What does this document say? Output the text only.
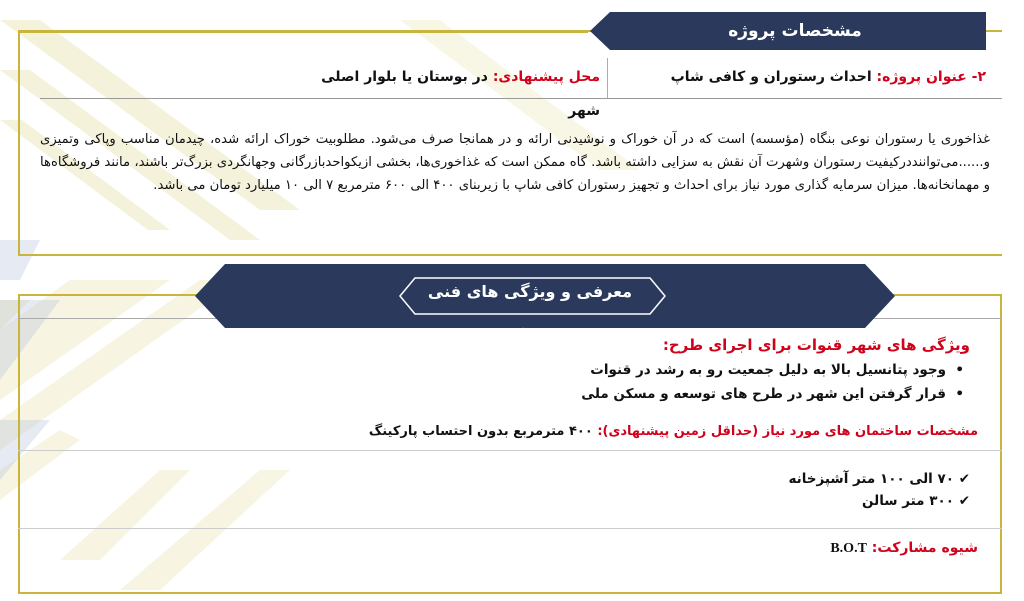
مشخصات پروژه
۲- عنوان پروژه: احداث رستوران و کافی شاپ
محل پیشنهادی: در بوستان یا بلوار اصلی شهر
غذاخوری یا رستوران نوعی بنگاه (مؤسسه) است که در آن خوراک و نوشیدنی ارائه و در همانجا صرف می‌شود. مطلوبیت خوراک ارائه شده، چیدمان مناسب وپاکی وتمیزی و......می‌تواننددرکیفیت رستوران وشهرت آن نقش به سزایی داشته باشد. گاه ممکن است که غذاخوری‌ها، بخشی ازیکواحدبازرگانی وجهانگردی بزرگ‌تر باشند، مانند فروشگاه‌ها و مهمانخانه‌ها. میزان سرمایه گذاری مورد نیاز برای احداث و تجهیز رستوران کافی شاپ با زیربنای ۴۰۰ الی ۶۰۰ مترمربع ۷ الی ۱۰ میلیارد تومان می باشد.
معرفی و ویژگی های فنی پروژه
ویژگی های شهر قنوات برای اجرای طرح:
•
وجود پتانسیل بالا به دلیل جمعیت رو به رشد در قنوات
•
قرار گرفتن این شهر در طرح های توسعه و مسکن ملی
مشخصات ساختمان های مورد نیاز (حداقل زمین پیشنهادی): ۴۰۰ مترمربع بدون احتساب پارکینگ
✔ ۷۰ الی ۱۰۰ متر آشپزخانه
✔ ۳۰۰ متر سالن
شیوه مشارکت: B.O.T
